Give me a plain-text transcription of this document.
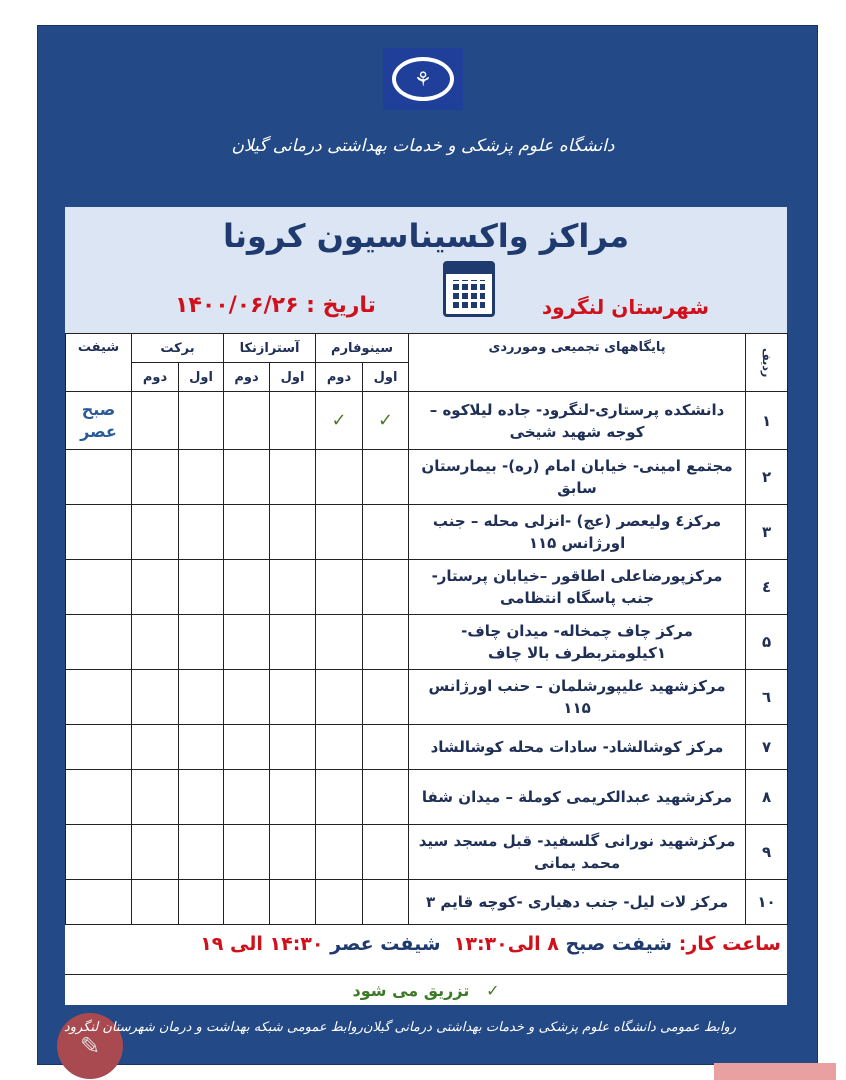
⚘
دانشگاه علوم پزشکی و خدمات بهداشتی درمانی گیلان
مراکز واکسیناسیون کرونا
شهرستان لنگرود
تاریخ : ۱۴۰۰/۰۶/۲۶
ردیف	پایگاههای تجمیعی ومورردی	سینوفارم		آسترازنکا		برکت		شیفت
		اول	دوم	اول	دوم	اول	دوم	
۱	دانشکده پرستاری-لنگرود- جاده لیلاکوه – کوجه شهید شیخی	✓	✓					صبح
عصر

۲	مجتمع امینی- خیابان امام (ره)- بیمارستان سابق							
۳	مرکز٤ ولیعصر (عج) -انزلی محله – جنب اورژانس ۱۱۵							
٤	مرکزپورضاعلی اطاقور –خیابان پرستار- جنب پاسگاه انتظامی							
۵	مرکز چاف چمخاله- میدان چاف- ۱کیلومتربطرف بالا چاف							
٦	مرکزشهید علیپورشلمان – حنب اورژانس ۱۱۵							
۷	مرکز کوشالشاد- سادات محله کوشالشاد							
۸	مرکزشهید عبدالکریمی کوملة – میدان شفا							
۹	مرکزشهید نورانی گلسفید- قبل مسجد سید محمد یمانی							
۱۰	مرکز لات لیل- جنب دهیاری -کوچه قایم ۳							
ساعت کار: شیفت صبح ۸ الی۱۳:۳۰  شیفت عصر ۱۴:۳۰ الی ۱۹
✓   تزریق می شود
✎
روابط عمومی دانشگاه علوم پزشکی و خدمات بهداشتی درمانی گیلان
روابط عمومی شبکه بهداشت و درمان شهرستان لنگرود
